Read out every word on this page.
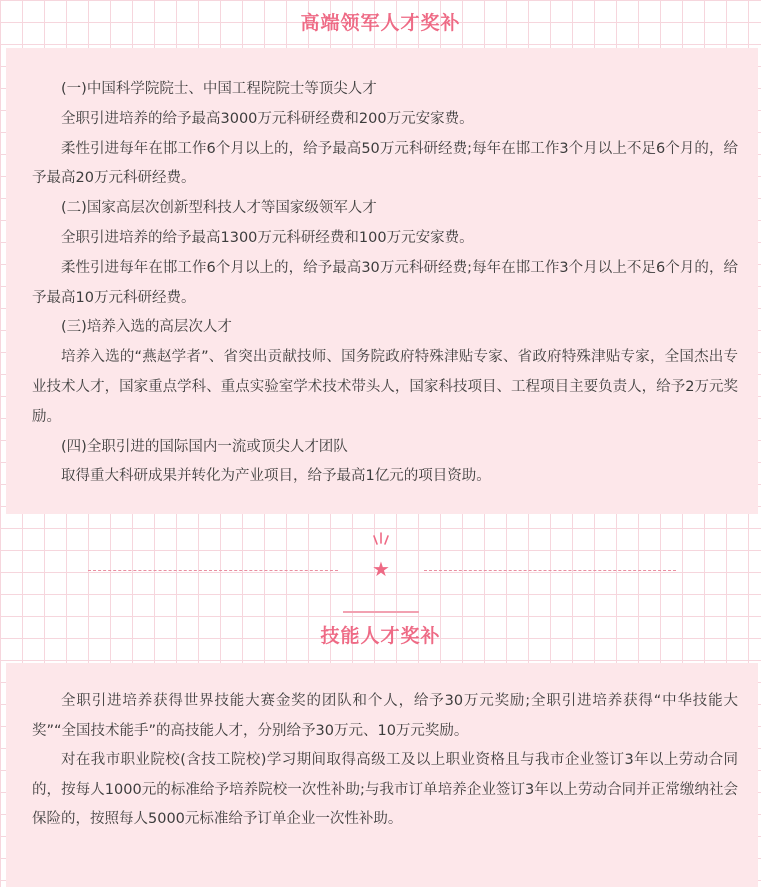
高端领军人才奖补

(一)中国科学院院士、中国工程院院士等顶尖人才

全职引进培养的给予最高3000万元科研经费和200万元安家费。

柔性引进每年在邯工作6个月以上的，给予最高50万元科研经费;每年在邯工作3个月以上不足6个月的，给予最高20万元科研经费。

(二)国家高层次创新型科技人才等国家级领军人才

全职引进培养的给予最高1300万元科研经费和100万元安家费。

柔性引进每年在邯工作6个月以上的，给予最高30万元科研经费;每年在邯工作3个月以上不足6个月的，给予最高10万元科研经费。

(三)培养入选的高层次人才

培养入选的“燕赵学者”、省突出贡献技师、国务院政府特殊津贴专家、省政府特殊津贴专家，全国杰出专业技术人才，国家重点学科、重点实验室学术技术带头人，国家科技项目、工程项目主要负责人，给予2万元奖励。

(四)全职引进的国际国内一流或顶尖人才团队

取得重大科研成果并转化为产业项目，给予最高1亿元的项目资助。

★
技能人才奖补

全职引进培养获得世界技能大赛金奖的团队和个人，给予30万元奖励;全职引进培养获得“中华技能大奖”“全国技术能手”的高技能人才，分别给予30万元、10万元奖励。

对在我市职业院校(含技工院校)学习期间取得高级工及以上职业资格且与我市企业签订3年以上劳动合同的，按每人1000元的标准给予培养院校一次性补助;与我市订单培养企业签订3年以上劳动合同并正常缴纳社会保险的，按照每人5000元标准给予订单企业一次性补助。
